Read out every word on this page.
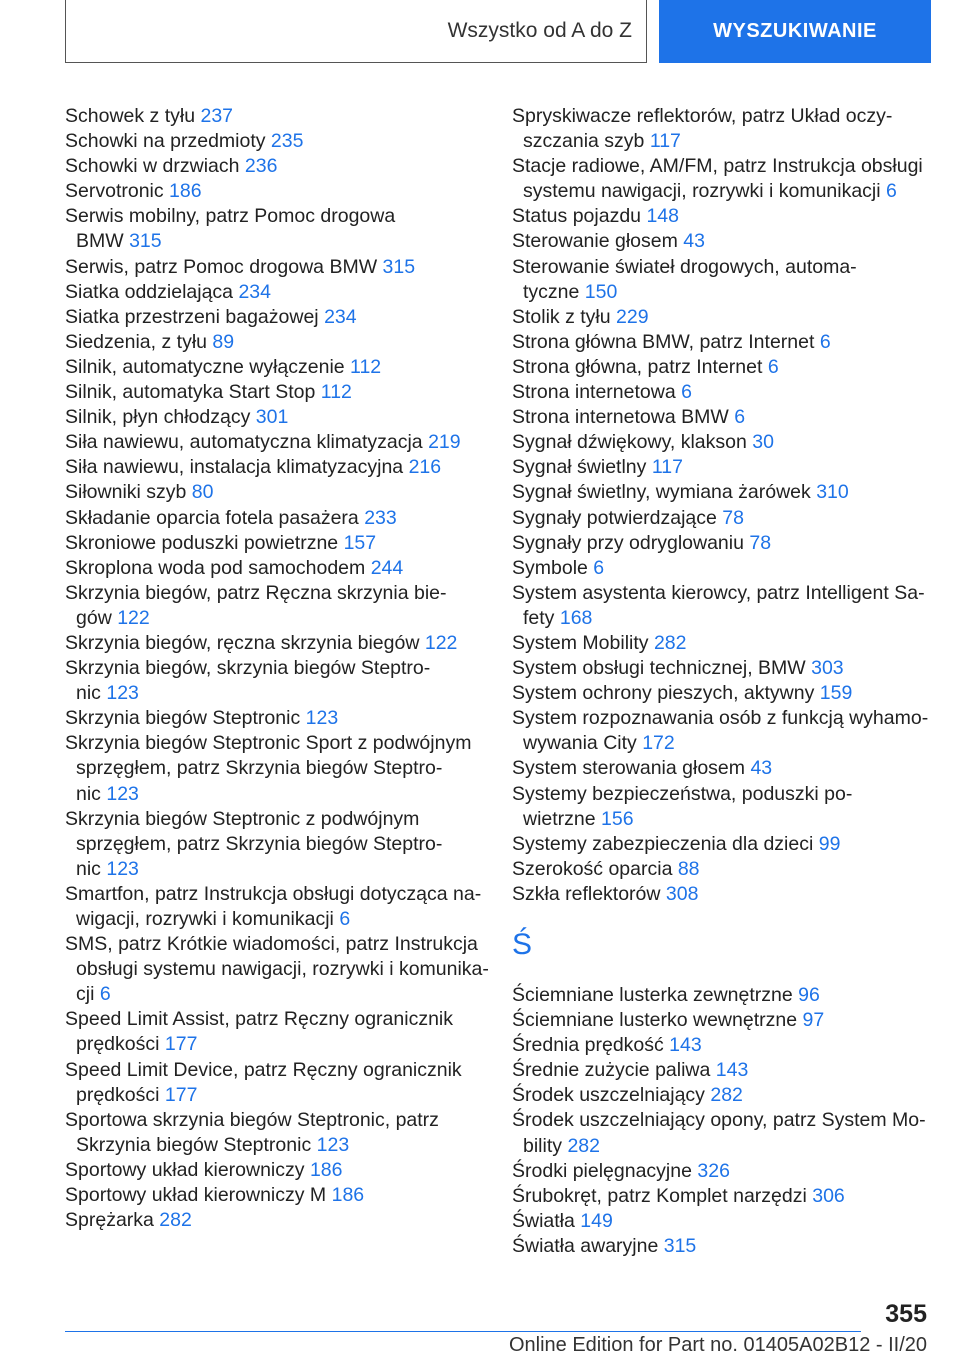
Wszystko od A do Z	WYSZUKIWANIE
Schowek z tyłu 237
Schowki na przedmioty 235
Schowki w drzwiach 236
Servotronic 186
Serwis mobilny, patrz Pomoc drogowa
BMW 315
Serwis, patrz Pomoc drogowa BMW 315
Siatka oddzielająca 234
Siatka przestrzeni bagażowej 234
Siedzenia, z tyłu 89
Silnik, automatyczne wyłączenie 112
Silnik, automatyka Start Stop 112
Silnik, płyn chłodzący 301
Siła nawiewu, automatyczna klimatyzacja 219
Siła nawiewu, instalacja klimatyzacyjna 216
Siłowniki szyb 80
Składanie oparcia fotela pasażera 233
Skroniowe poduszki powietrzne 157
Skroplona woda pod samochodem 244
Skrzynia biegów, patrz Ręczna skrzynia bie-
gów 122
Skrzynia biegów, ręczna skrzynia biegów 122
Skrzynia biegów, skrzynia biegów Steptro-
nic 123
Skrzynia biegów Steptronic 123
Skrzynia biegów Steptronic Sport z podwójnym
sprzęgłem, patrz Skrzynia biegów Steptro-
nic 123
Skrzynia biegów Steptronic z podwójnym
sprzęgłem, patrz Skrzynia biegów Steptro-
nic 123
Smartfon, patrz Instrukcja obsługi dotycząca na-
wigacji, rozrywki i komunikacji 6
SMS, patrz Krótkie wiadomości, patrz Instrukcja
obsługi systemu nawigacji, rozrywki i komunika-
cji 6
Speed Limit Assist, patrz Ręczny ogranicznik
prędkości 177
Speed Limit Device, patrz Ręczny ogranicznik
prędkości 177
Sportowa skrzynia biegów Steptronic, patrz
Skrzynia biegów Steptronic 123
Sportowy układ kierowniczy 186
Sportowy układ kierowniczy M 186
Sprężarka 282
Spryskiwacze reflektorów, patrz Układ oczy-
szczania szyb 117
Stacje radiowe, AM/FM, patrz Instrukcja obsługi
systemu nawigacji, rozrywki i komunikacji 6
Status pojazdu 148
Sterowanie głosem 43
Sterowanie świateł drogowych, automa-
tyczne 150
Stolik z tyłu 229
Strona główna BMW, patrz Internet 6
Strona główna, patrz Internet 6
Strona internetowa 6
Strona internetowa BMW 6
Sygnał dźwiękowy, klakson 30
Sygnał świetlny 117
Sygnał świetlny, wymiana żarówek 310
Sygnały potwierdzające 78
Sygnały przy odryglowaniu 78
Symbole 6
System asystenta kierowcy, patrz Intelligent Sa-
fety 168
System Mobility 282
System obsługi technicznej, BMW 303
System ochrony pieszych, aktywny 159
System rozpoznawania osób z funkcją wyhamo-
wywania City 172
System sterowania głosem 43
Systemy bezpieczeństwa, poduszki po-
wietrzne 156
Systemy zabezpieczenia dla dzieci 99
Szerokość oparcia 88
Szkła reflektorów 308
Ś
Ściemniane lusterka zewnętrzne 96
Ściemniane lusterko wewnętrzne 97
Średnia prędkość 143
Średnie zużycie paliwa 143
Środek uszczelniający 282
Środek uszczelniający opony, patrz System Mo-
bility 282
Środki pielęgnacyjne 326
Śrubokręt, patrz Komplet narzędzi 306
Światła 149
Światła awaryjne 315
355
Online Edition for Part no. 01405A02B12 - II/20
